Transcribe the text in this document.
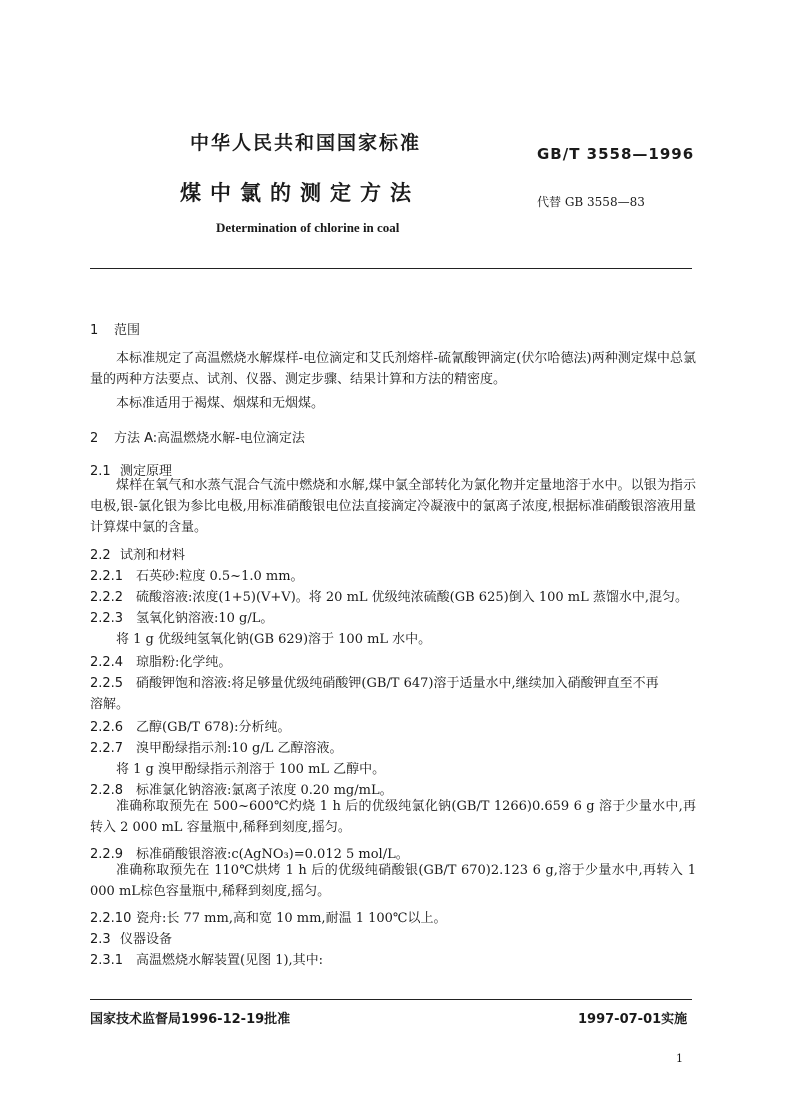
中华人民共和国国家标准	GB/T 3558—1996
煤中氯的测定方法	代替 GB 3558—83
Determination of chlorine in coal
1 范围
本标准规定了高温燃烧水解煤样-电位滴定和艾氏剂熔样-硫氰酸钾滴定(伏尔哈德法)两种测定煤中总氯量的两种方法要点、试剂、仪器、测定步骤、结果计算和方法的精密度。
本标准适用于褐煤、烟煤和无烟煤。
2 方法 A:高温燃烧水解-电位滴定法
2.1 测定原理
煤样在氧气和水蒸气混合气流中燃烧和水解,煤中氯全部转化为氯化物并定量地溶于水中。以银为指示电极,银-氯化银为参比电极,用标准硝酸银电位法直接滴定冷凝液中的氯离子浓度,根据标准硝酸银溶液用量计算煤中氯的含量。
2.2 试剂和材料
2.2.1 石英砂:粒度 0.5~1.0 mm。
2.2.2 硫酸溶液:浓度(1+5)(V+V)。将 20 mL 优级纯浓硫酸(GB 625)倒入 100 mL 蒸馏水中,混匀。
2.2.3 氢氧化钠溶液:10 g/L。
将 1 g 优级纯氢氧化钠(GB 629)溶于 100 mL 水中。
2.2.4 琼脂粉:化学纯。
2.2.5 硝酸钾饱和溶液:将足够量优级纯硝酸钾(GB/T 647)溶于适量水中,继续加入硝酸钾直至不再
溶解。
2.2.6 乙醇(GB/T 678):分析纯。
2.2.7 溴甲酚绿指示剂:10 g/L 乙醇溶液。
将 1 g 溴甲酚绿指示剂溶于 100 mL 乙醇中。
2.2.8 标准氯化钠溶液:氯离子浓度 0.20 mg/mL。
准确称取预先在 500~600℃灼烧 1 h 后的优级纯氯化钠(GB/T 1266)0.659 6 g 溶于少量水中,再转入 2 000 mL 容量瓶中,稀释到刻度,摇匀。
2.2.9 标准硝酸银溶液:c(AgNO₃)=0.012 5 mol/L。
准确称取预先在 110℃烘烤 1 h 后的优级纯硝酸银(GB/T 670)2.123 6 g,溶于少量水中,再转入 1 000 mL棕色容量瓶中,稀释到刻度,摇匀。
2.2.10 瓷舟:长 77 mm,高和宽 10 mm,耐温 1 100℃以上。
2.3 仪器设备
2.3.1 高温燃烧水解装置(见图 1),其中:
国家技术监督局1996-12-19批准	1997-07-01实施
1
